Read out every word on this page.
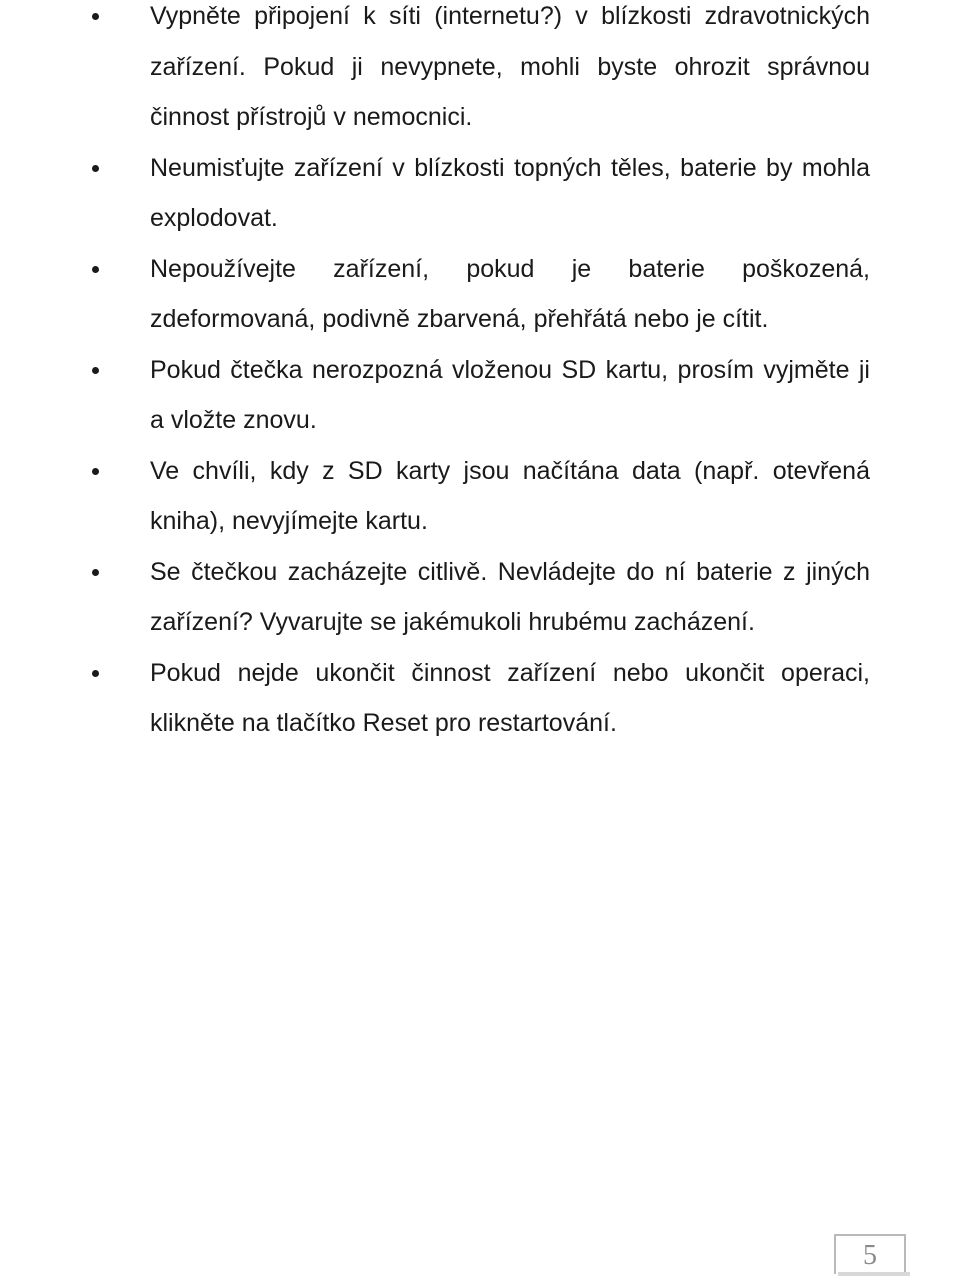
Vypněte připojení k síti (internetu?) v blízkosti zdravotnických zařízení. Pokud ji nevypnete, mohli byste ohrozit správnou činnost přístrojů v nemocnici.
Neumisťujte zařízení v blízkosti topných těles, baterie by mohla explodovat.
Nepoužívejte zařízení, pokud je baterie poškozená, zdeformovaná, podivně zbarvená, přehřátá nebo je cítit.
Pokud čtečka nerozpozná vloženou SD kartu, prosím vyjměte ji a vložte znovu.
Ve chvíli, kdy z SD karty jsou načítána data (např. otevřená kniha), nevyjímejte kartu.
Se čtečkou zacházejte citlivě. Nevládejte do ní baterie z jiných zařízení? Vyvarujte se jakémukoli hrubému zacházení.
Pokud nejde ukončit činnost zařízení nebo ukončit operaci, klikněte na tlačítko Reset pro restartování.
5
